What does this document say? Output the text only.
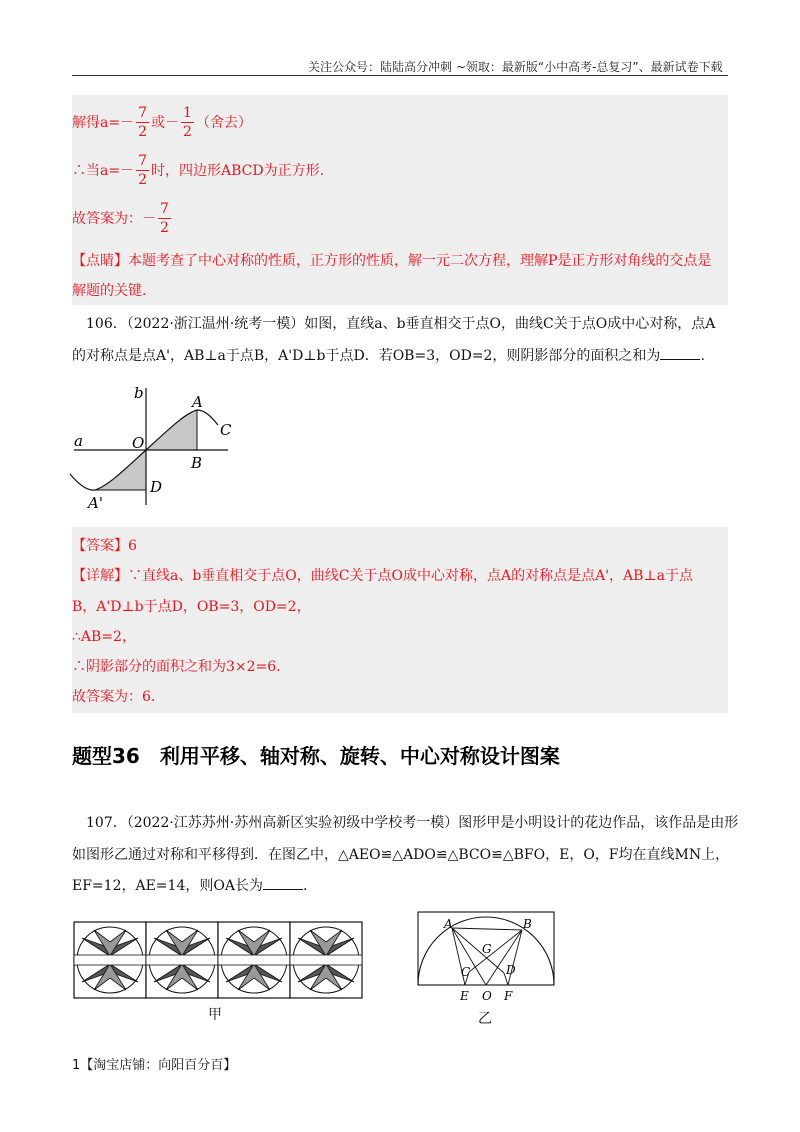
关注公众号：陆陆高分冲刺 ~领取：最新版“小中高考-总复习”、最新试卷下载
解得$a=- \frac{7}{2}$ 或－ $\frac{1}{2}$ （舍去）
∴当$a=- \frac{7}{2}$ 时，四边形ABCD为正方形.
故答案为：－ $\frac{7}{2}$
【点睛】本题考查了中心对称的性质，正方形的性质，解一元二次方程，理解P是正方形对角线的交点是
解题的关键.
106．（2022·浙江温州·统考一模）如图，直线a、b垂直相交于点O，曲线C关于点O成中心对称，点A
的对称点是点A'，AB⊥a于点B，A'D⊥b于点D．若OB=3，OD=2，则阴影部分的面积之和为	.
b
a	O
A
C
B
D
A'
【答案】6
【详解】∵直线a、b垂直相交于点O，曲线C关于点O成中心对称，点A的对称点是点A'，AB⊥a于点
B，A'D⊥b于点D，OB=3，OD=2，
∴AB=2，
∴阴影部分的面积之和为3×2=6.
故答案为：6.
题型36　利用平移、轴对称、旋转、中心对称设计图案
107．（2022·江苏苏州·苏州高新区实验初级中学校考一模）图形甲是小明设计的花边作品，该作品是由形
如图形乙通过对称和平移得到．在图乙中，△AEO≌△ADO≌△BCO≌△BFO，E，O，F均在直线MN上，
EF=12，AE=14，则OA长为	.
甲
A	B
G
C	D
E O F
乙
1【淘宝店铺：向阳百分百】
